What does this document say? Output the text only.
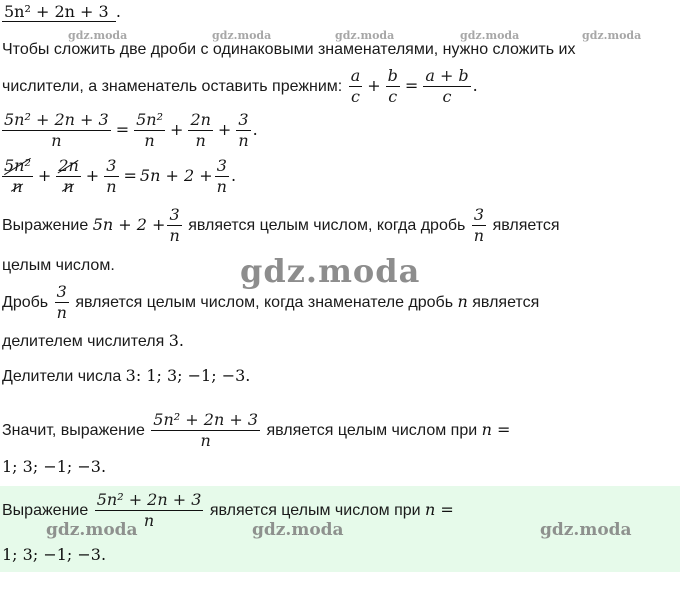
5n² + 2n + 3 .
gdz.moda	gdz.moda	gdz.moda	gdz.moda	gdz.moda
Чтобы сложить две дроби с одинаковыми знаменателями, нужно сложить их
числители, а знаменатель оставить прежним: $\frac{a}{c} + \frac{b}{c} = \frac{a + b}{c}$ .
$\frac{\text{5n² + 2n + 3}}{n} = \frac{\text{5n²}}{n} + \frac{2n}{n} + \frac{3}{n}$ .
$\frac{\text{5n²}}{n} + \frac{2n}{n} + \frac{3}{n} = 5n + 2 + \frac{3}{n}$ .
Выражение $5n + 2 + \frac{3}{n}$ является целым числом, когда дробь $\frac{3}{n}$ является
целым числом.	gdz.moda
Дробь $\frac{3}{n}$ является целым числом, когда знаменателе дробь n является
делителем числителя 3.
Делители числа 3: 1; 3; −1; −3.
Значит, выражение $\frac{\text{5n² + 2n + 3}}{n}$ является целым числом при n =
1; 3; −1; −3.
Выражение $\frac{\text{5n² + 2n + 3}}{n}$ является целым числом при n =
1; 3; −1; −3.
gdz.moda	gdz.moda	gdz.moda
